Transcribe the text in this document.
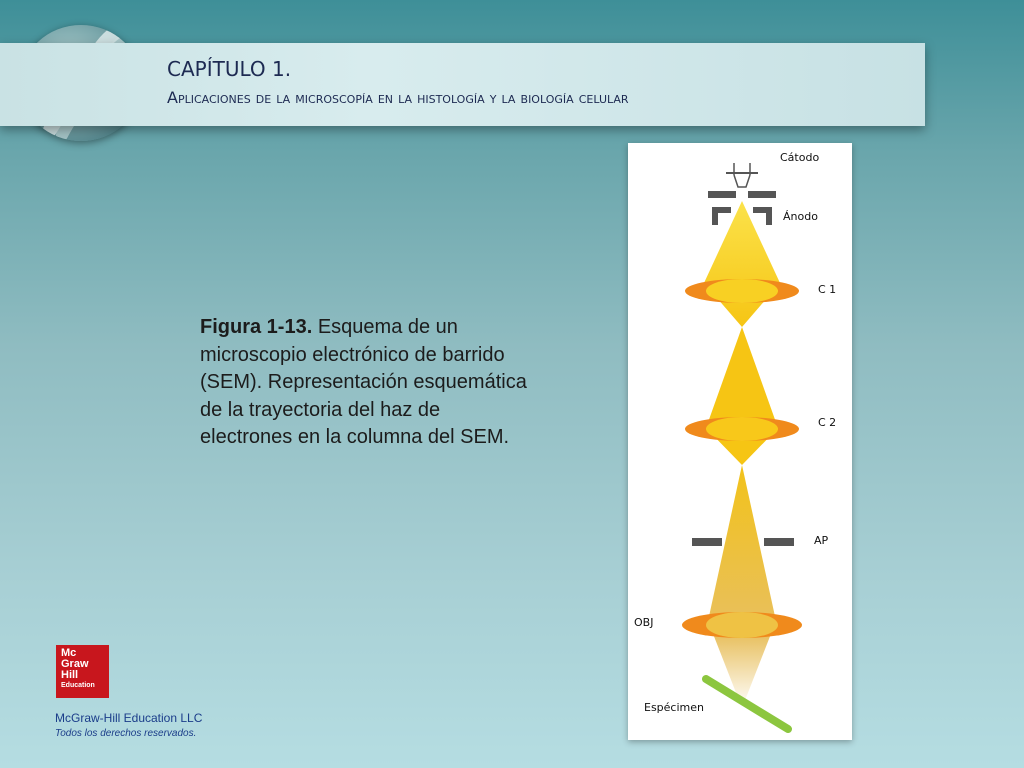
CAPÍTULO 1.
Aplicaciones de la microscopía en la histología y la biología celular
Figura 1-13. Esquema de un microscopio electrónico de barrido (SEM). Representación esquemática de la trayectoria del haz de electrones en la columna del SEM.
Cátodo
Ánodo
C 1
C 2
AP
OBJ
Espécimen
Mc
Graw
Hill
Education
McGraw-Hill Education LLC
Todos los derechos reservados.
